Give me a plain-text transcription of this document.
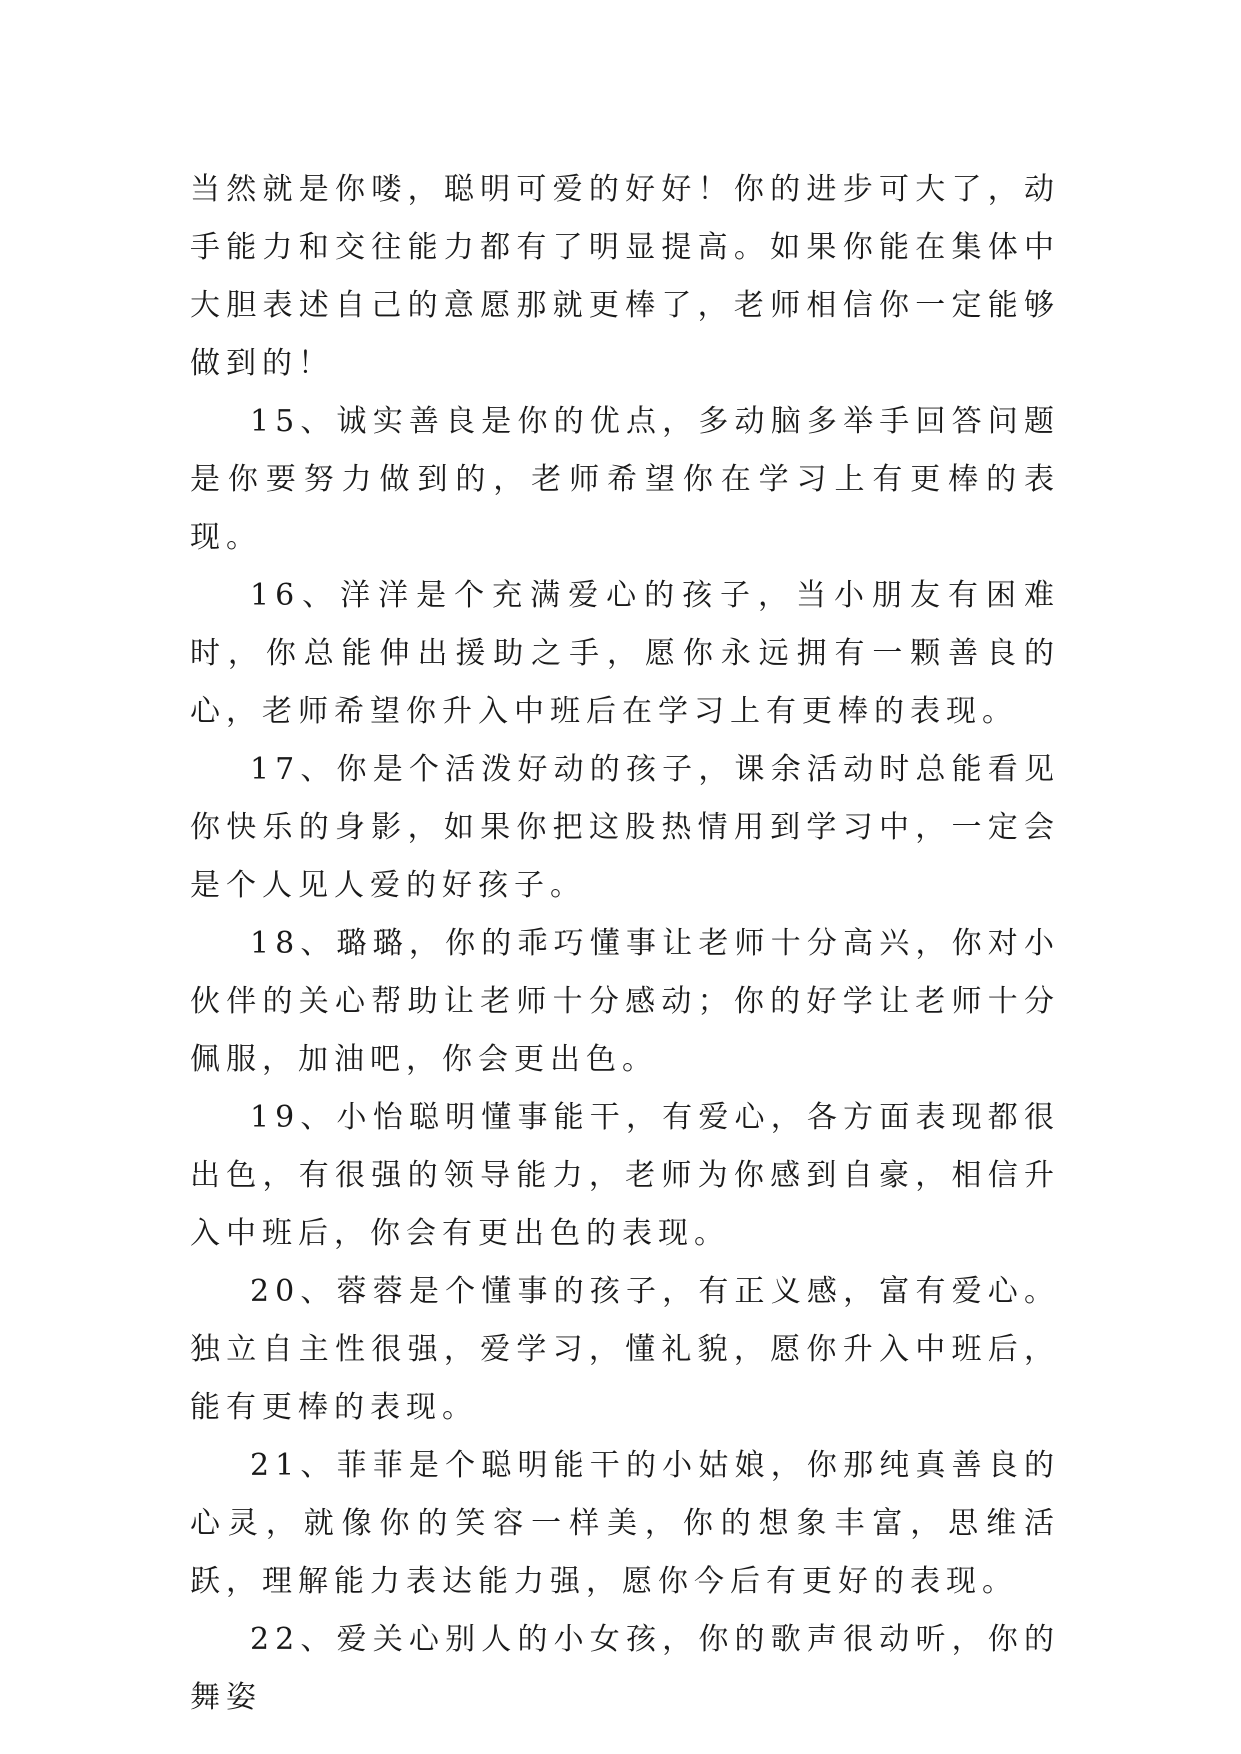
当然就是你喽，聪明可爱的好好！你的进步可大了，动手能力和交往能力都有了明显提高。如果你能在集体中大胆表述自己的意愿那就更棒了，老师相信你一定能够做到的！

15、诚实善良是你的优点，多动脑多举手回答问题是你要努力做到的，老师希望你在学习上有更棒的表现。

16、洋洋是个充满爱心的孩子，当小朋友有困难时，你总能伸出援助之手，愿你永远拥有一颗善良的心，老师希望你升入中班后在学习上有更棒的表现。

17、你是个活泼好动的孩子，课余活动时总能看见你快乐的身影，如果你把这股热情用到学习中，一定会是个人见人爱的好孩子。

18、璐璐，你的乖巧懂事让老师十分高兴，你对小伙伴的关心帮助让老师十分感动；你的好学让老师十分佩服，加油吧，你会更出色。

19、小怡聪明懂事能干，有爱心，各方面表现都很出色，有很强的领导能力，老师为你感到自豪，相信升入中班后，你会有更出色的表现。

20、蓉蓉是个懂事的孩子，有正义感，富有爱心。独立自主性很强，爱学习，懂礼貌，愿你升入中班后，能有更棒的表现。

21、菲菲是个聪明能干的小姑娘，你那纯真善良的心灵，就像你的笑容一样美，你的想象丰富，思维活跃，理解能力表达能力强，愿你今后有更好的表现。

22、爱关心别人的小女孩，你的歌声很动听，你的舞姿
